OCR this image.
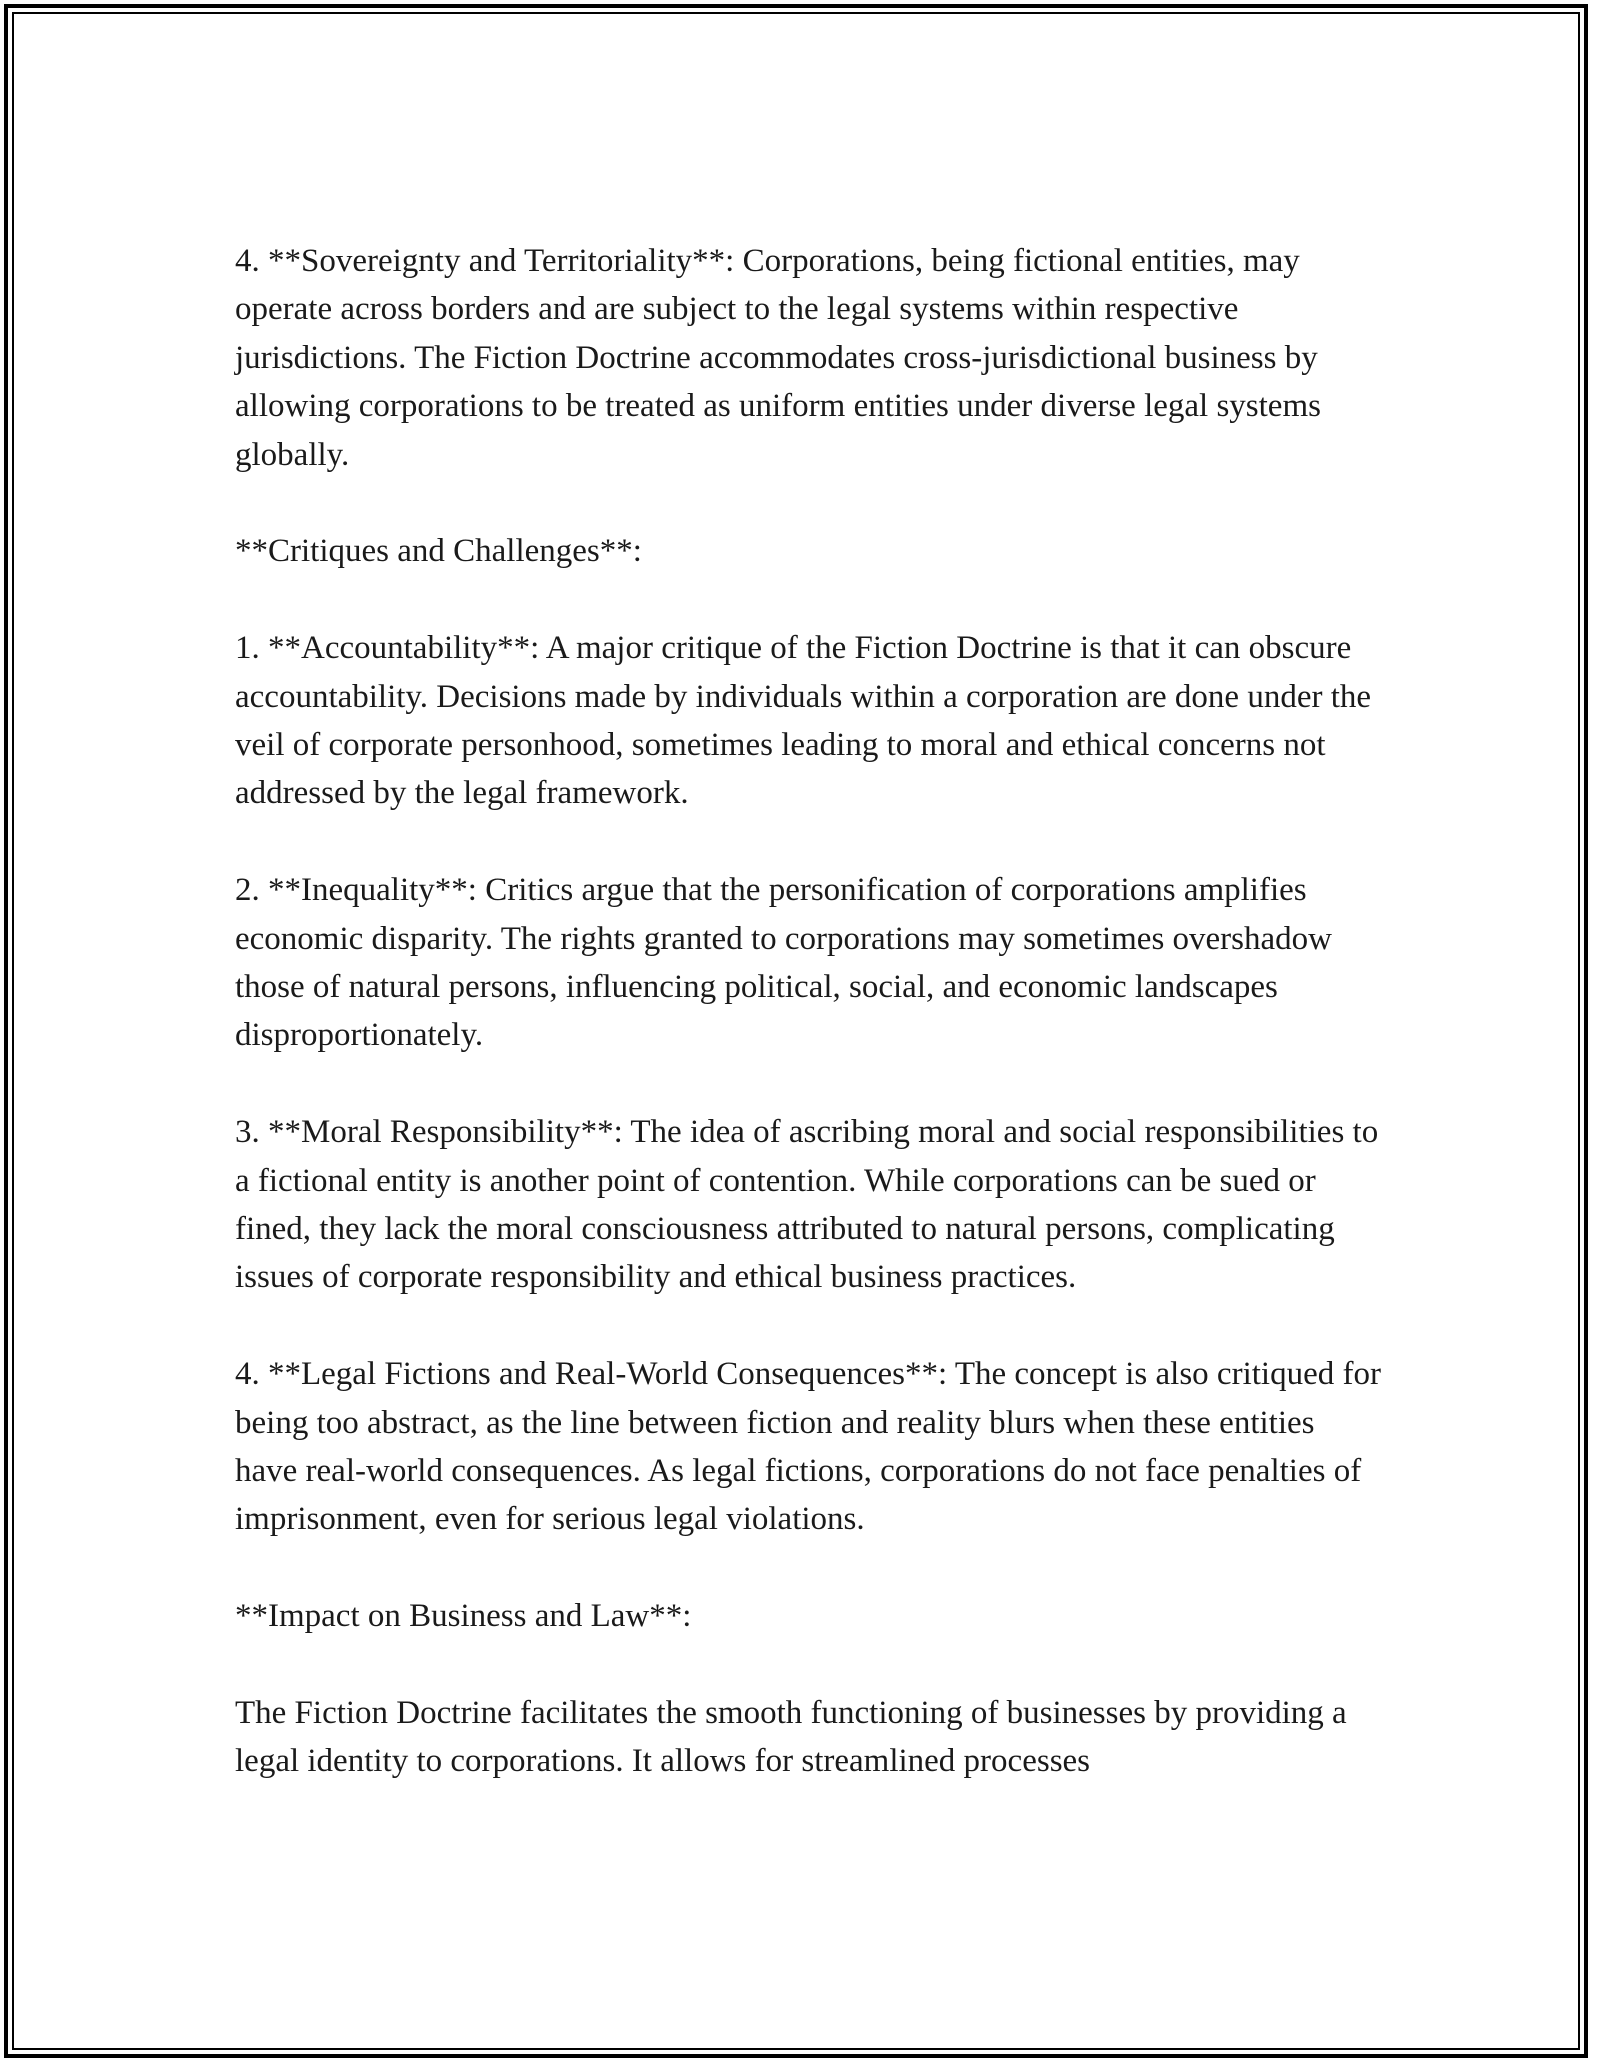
4. **Sovereignty and Territoriality**: Corporations, being fictional entities, may operate across borders and are subject to the legal systems within respective jurisdictions. The Fiction Doctrine accommodates cross-jurisdictional business by allowing corporations to be treated as uniform entities under diverse legal systems globally.

**Critiques and Challenges**:

1. **Accountability**: A major critique of the Fiction Doctrine is that it can obscure accountability. Decisions made by individuals within a corporation are done under the veil of corporate personhood, sometimes leading to moral and ethical concerns not addressed by the legal framework.

2. **Inequality**: Critics argue that the personification of corporations amplifies economic disparity. The rights granted to corporations may sometimes overshadow those of natural persons, influencing political, social, and economic landscapes disproportionately.

3. **Moral Responsibility**: The idea of ascribing moral and social responsibilities to a fictional entity is another point of contention. While corporations can be sued or fined, they lack the moral consciousness attributed to natural persons, complicating issues of corporate responsibility and ethical business practices.

4. **Legal Fictions and Real-World Consequences**: The concept is also critiqued for being too abstract, as the line between fiction and reality blurs when these entities have real-world consequences. As legal fictions, corporations do not face penalties of imprisonment, even for serious legal violations.

**Impact on Business and Law**:

The Fiction Doctrine facilitates the smooth functioning of businesses by providing a legal identity to corporations. It allows for streamlined processes
